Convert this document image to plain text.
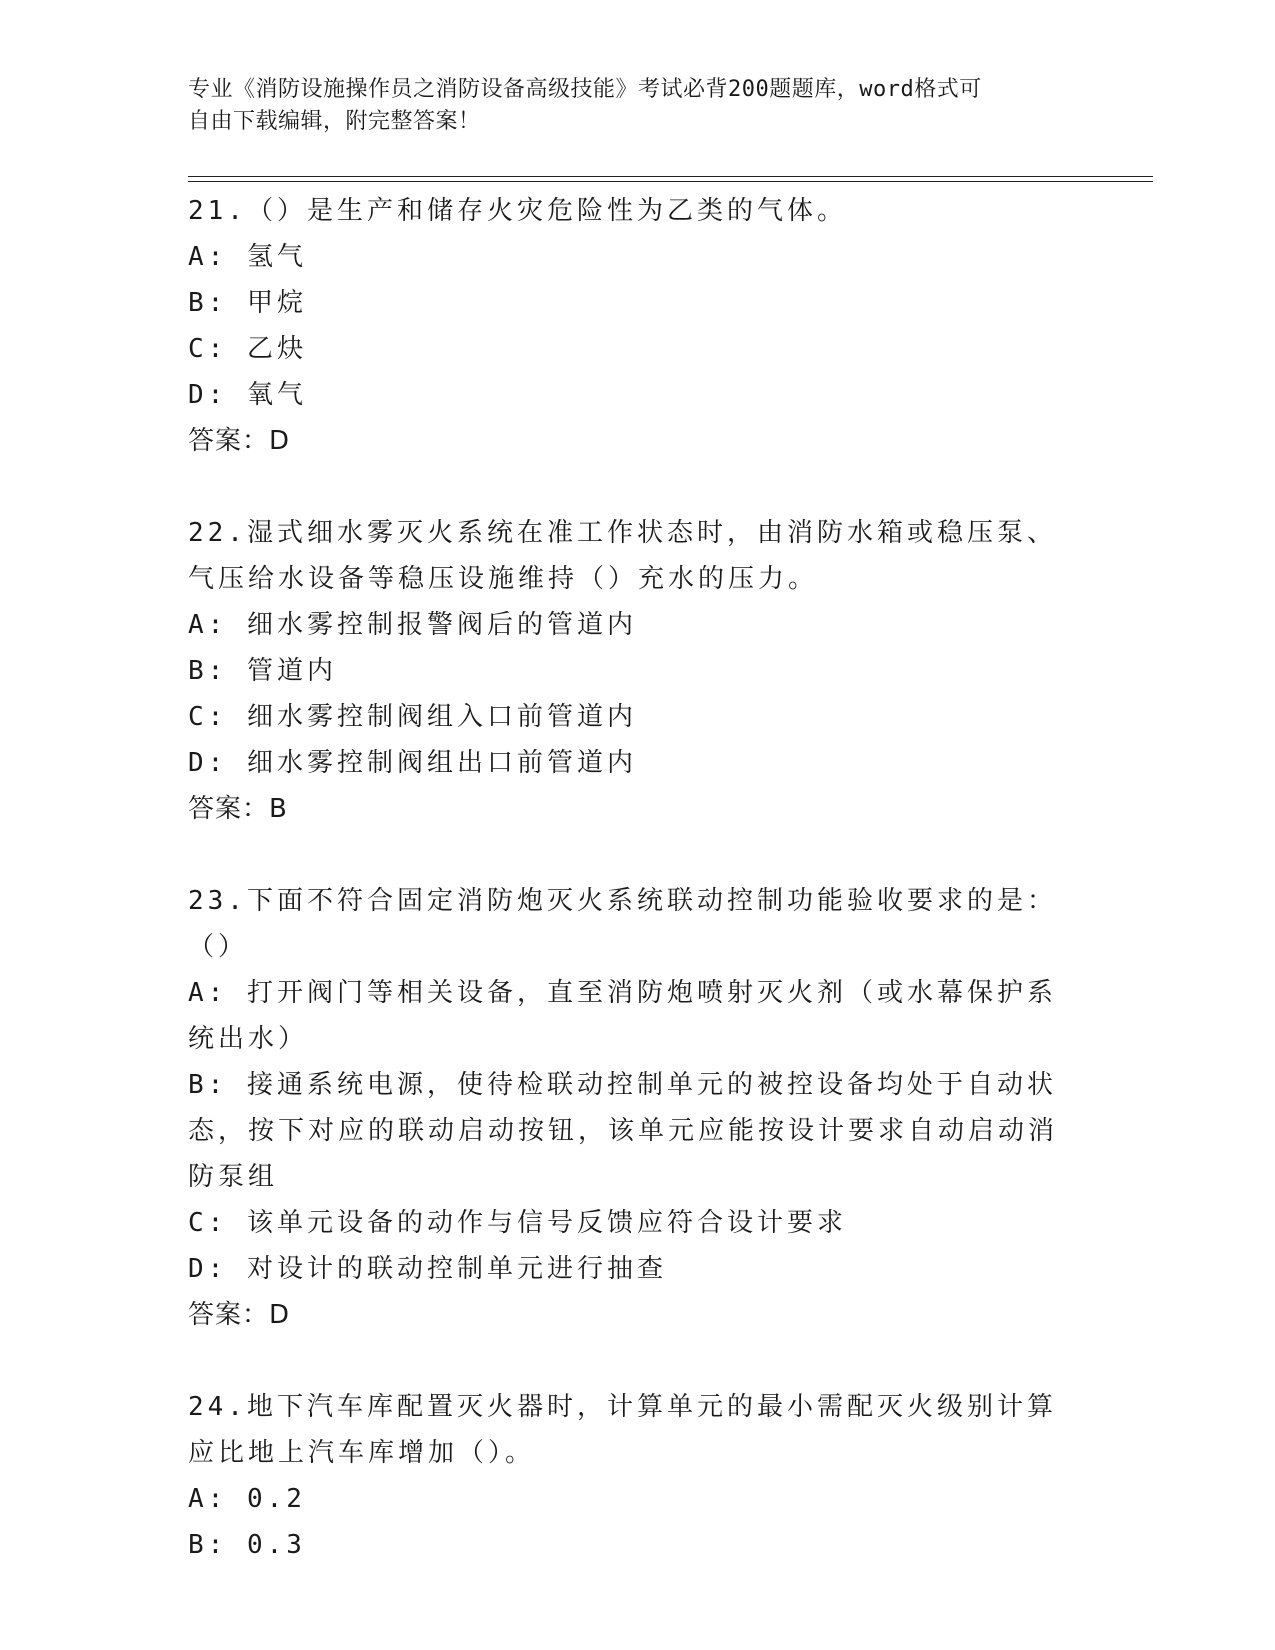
专业《消防设施操作员之消防设备高级技能》考试必背200题题库，word格式可
自由下载编辑，附完整答案！

21.（）是生产和储存火灾危险性为乙类的气体。

A: 氢气

B: 甲烷

C: 乙炔

D: 氧气

答案：D

22.湿式细水雾灭火系统在准工作状态时，由消防水箱或稳压泵、气压给水设备等稳压设施维持（）充水的压力。

A: 细水雾控制报警阀后的管道内

B: 管道内

C: 细水雾控制阀组入口前管道内

D: 细水雾控制阀组出口前管道内

答案：B

23.下面不符合固定消防炮灭火系统联动控制功能验收要求的是：（）

A: 打开阀门等相关设备，直至消防炮喷射灭火剂（或水幕保护系统出水）

B: 接通系统电源，使待检联动控制单元的被控设备均处于自动状态，按下对应的联动启动按钮，该单元应能按设计要求自动启动消防泵组

C: 该单元设备的动作与信号反馈应符合设计要求

D: 对设计的联动控制单元进行抽查

答案：D

24.地下汽车库配置灭火器时，计算单元的最小需配灭火级别计算应比地上汽车库增加（）。

A: 0.2

B: 0.3
